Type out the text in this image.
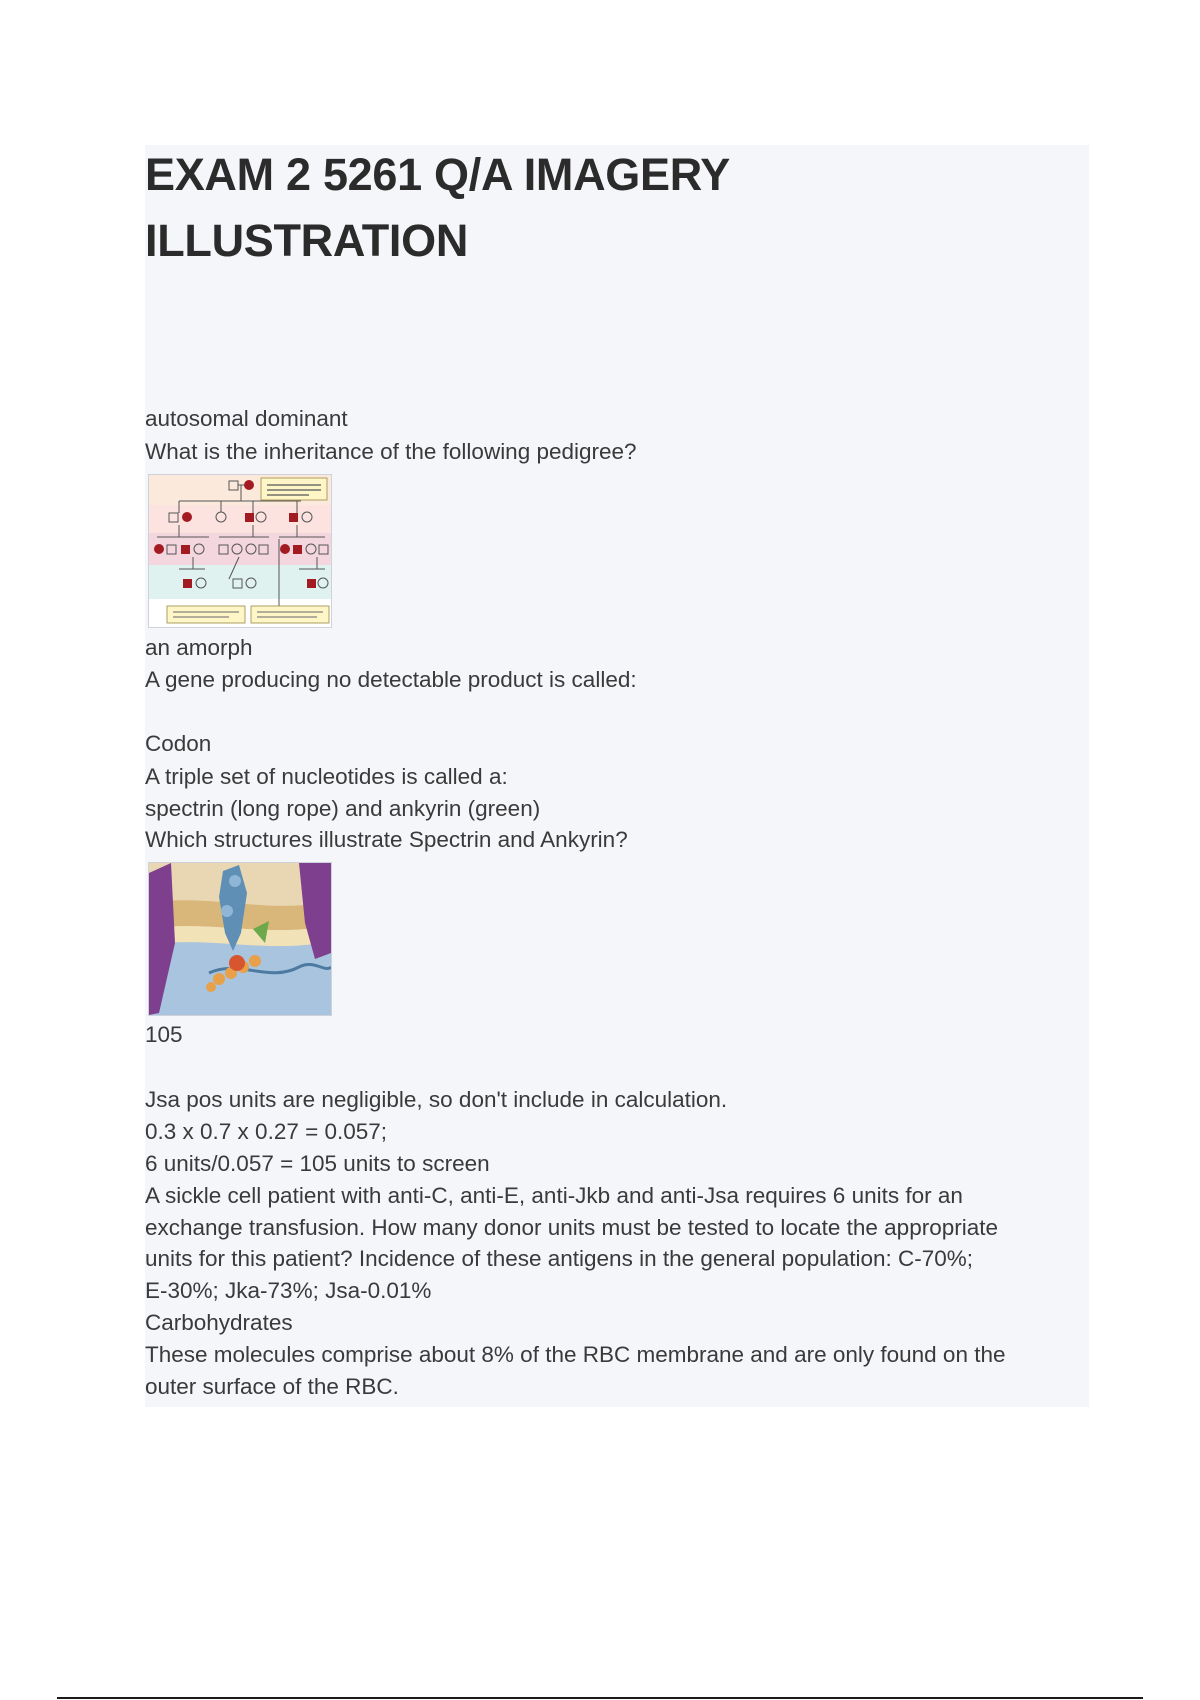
EXAM 2 5261 Q/A IMAGERY ILLUSTRATION

autosomal dominant

What is the inheritance of the following pedigree?

an amorph

A gene producing no detectable product is called:

Codon

A triple set of nucleotides is called a:

spectrin (long rope) and ankyrin (green)

Which structures illustrate Spectrin and Ankyrin?

105

Jsa pos units are negligible, so don't include in calculation.

0.3 x 0.7 x 0.27 = 0.057;

6 units/0.057 = 105 units to screen

A sickle cell patient with anti-C, anti-E, anti-Jkb and anti-Jsa requires 6 units for an

exchange transfusion. How many donor units must be tested to locate the appropriate

units for this patient? Incidence of these antigens in the general population: C-70%;

E-30%; Jka-73%; Jsa-0.01%

Carbohydrates

These molecules comprise about 8% of the RBC membrane and are only found on the

outer surface of the RBC.
